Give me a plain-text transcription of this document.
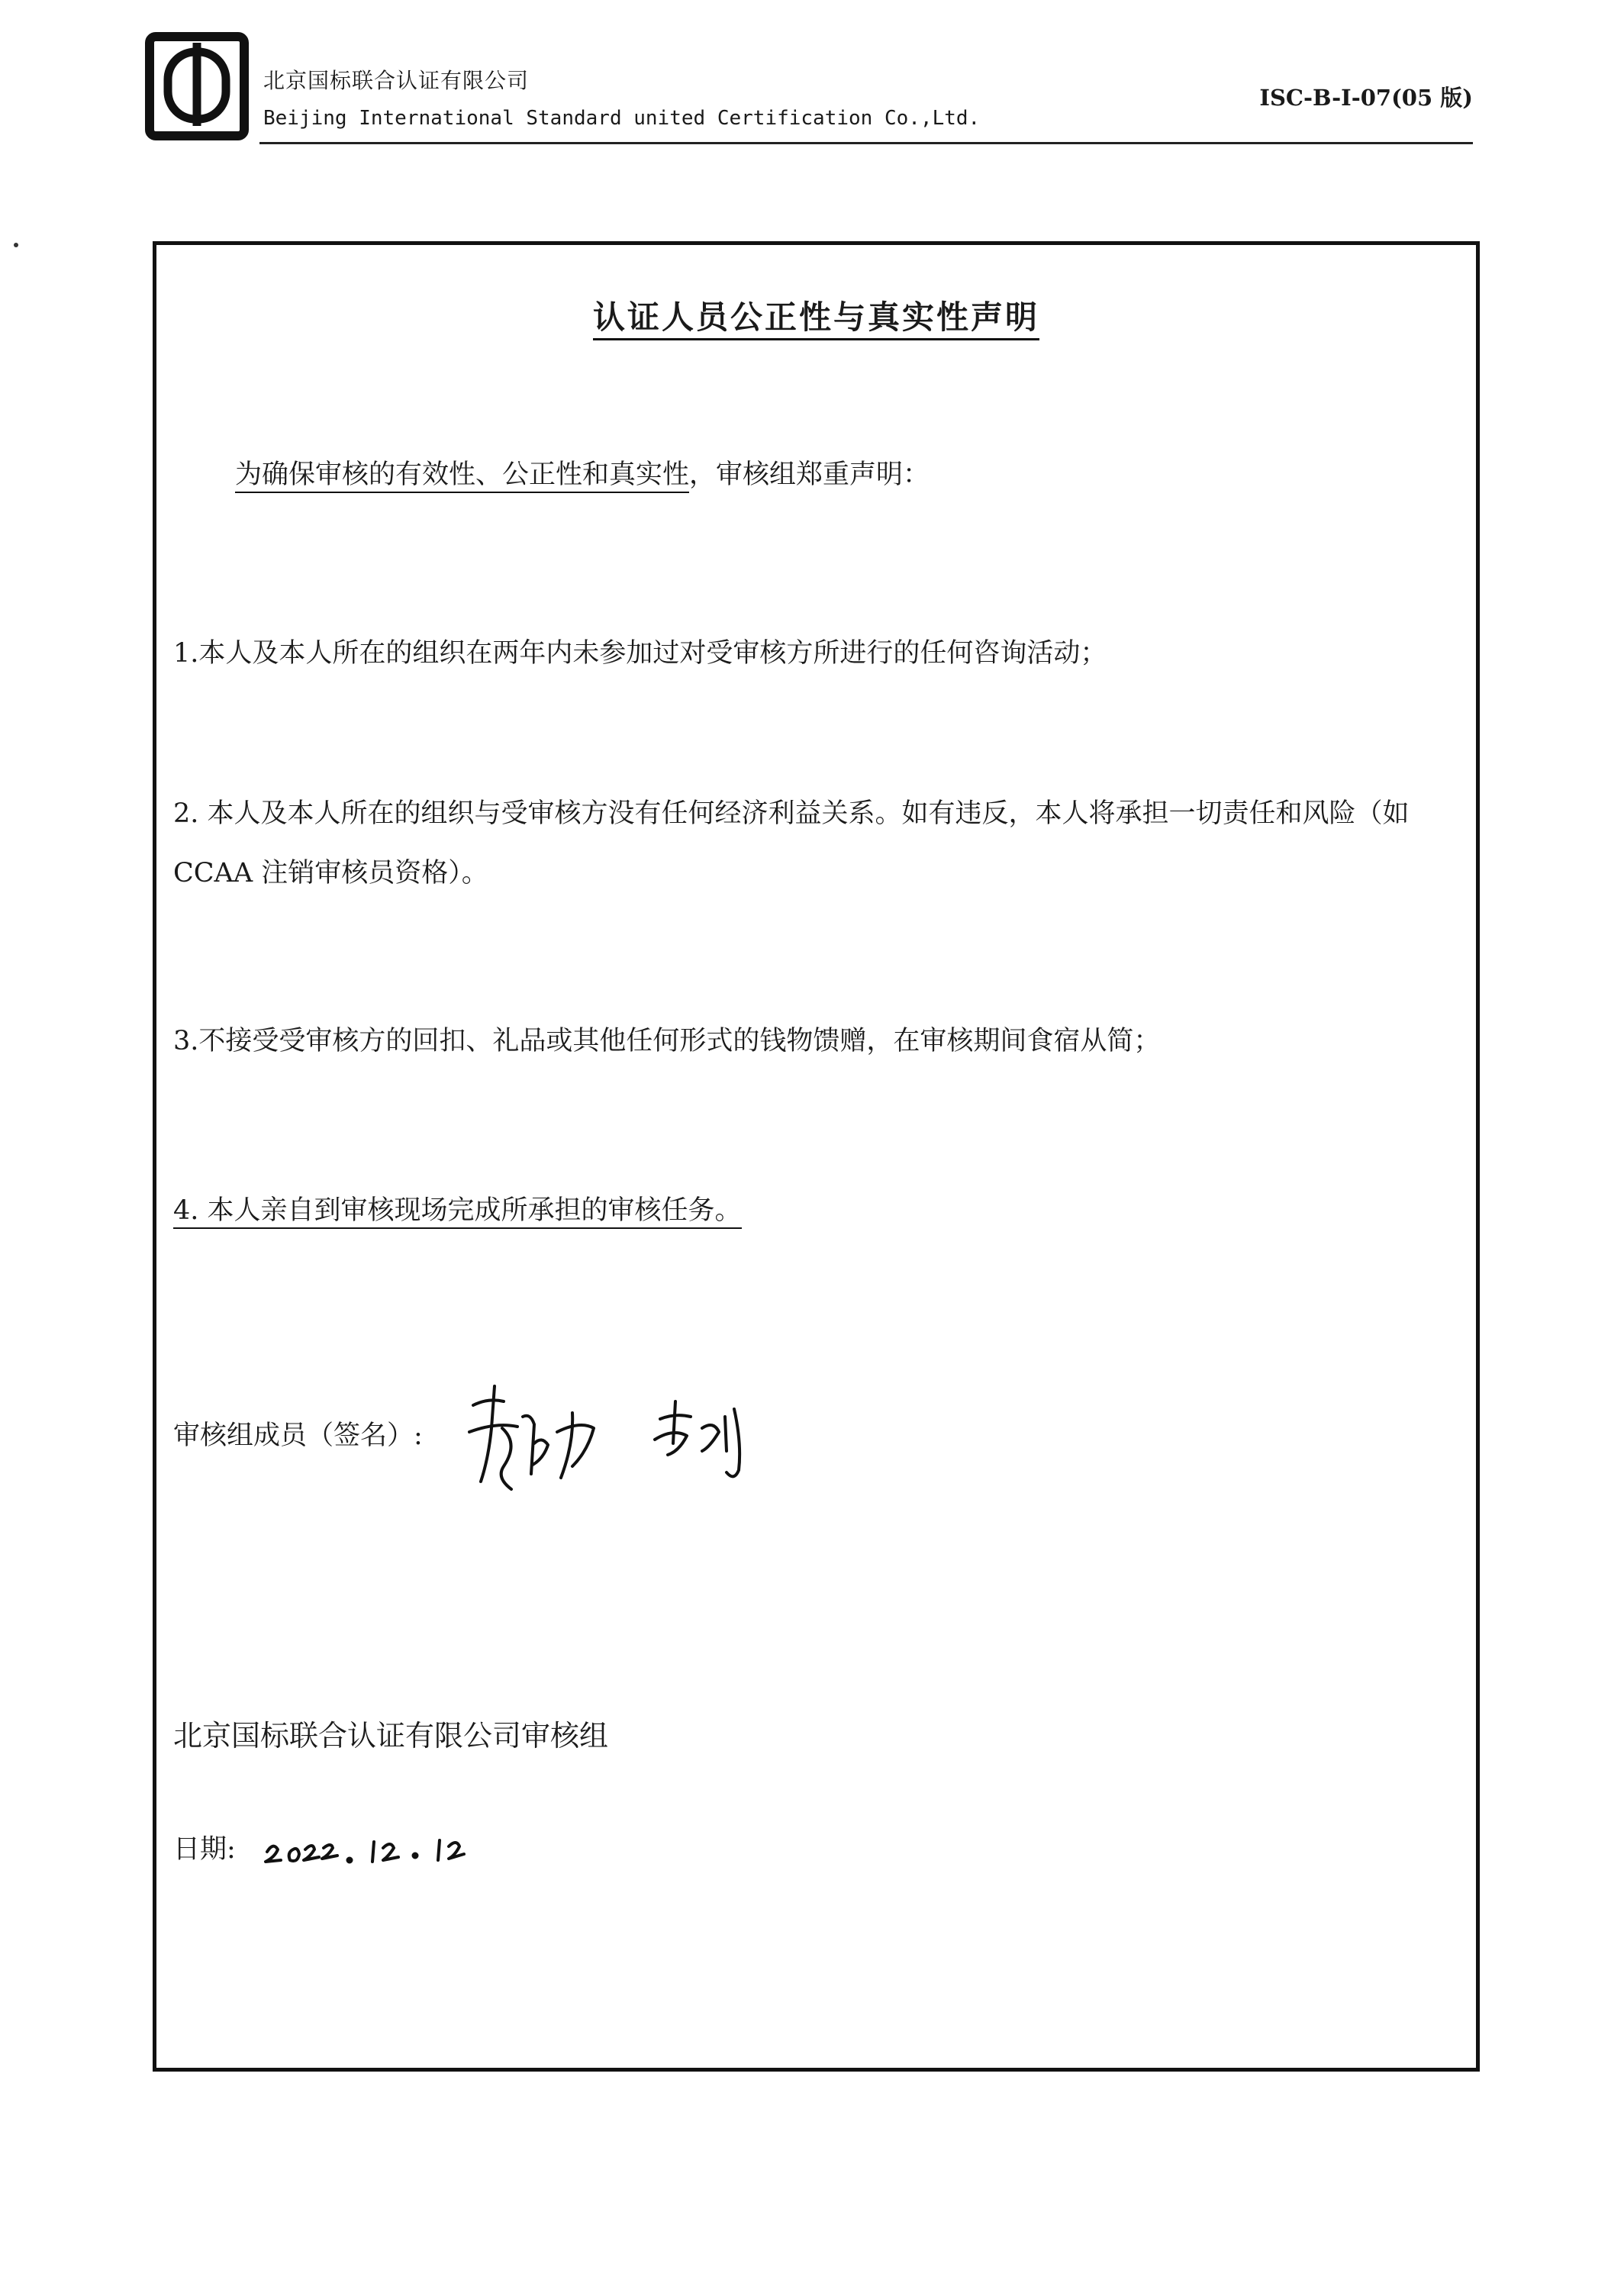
北京国标联合认证有限公司
Beijing International Standard united Certification Co.,Ltd.
ISC-B-I-07(05 版)
认证人员公正性与真实性声明
为确保审核的有效性、公正性和真实性，审核组郑重声明：
1.本人及本人所在的组织在两年内未参加过对受审核方所进行的任何咨询活动；
2. 本人及本人所在的组织与受审核方没有任何经济利益关系。如有违反，本人将承担一切责任和风险（如 CCAA 注销审核员资格）。
3.不接受受审核方的回扣、礼品或其他任何形式的钱物馈赠，在审核期间食宿从简；
4. 本人亲自到审核现场完成所承担的审核任务。
审核组成员（签名）:
北京国标联合认证有限公司审核组
日期:
